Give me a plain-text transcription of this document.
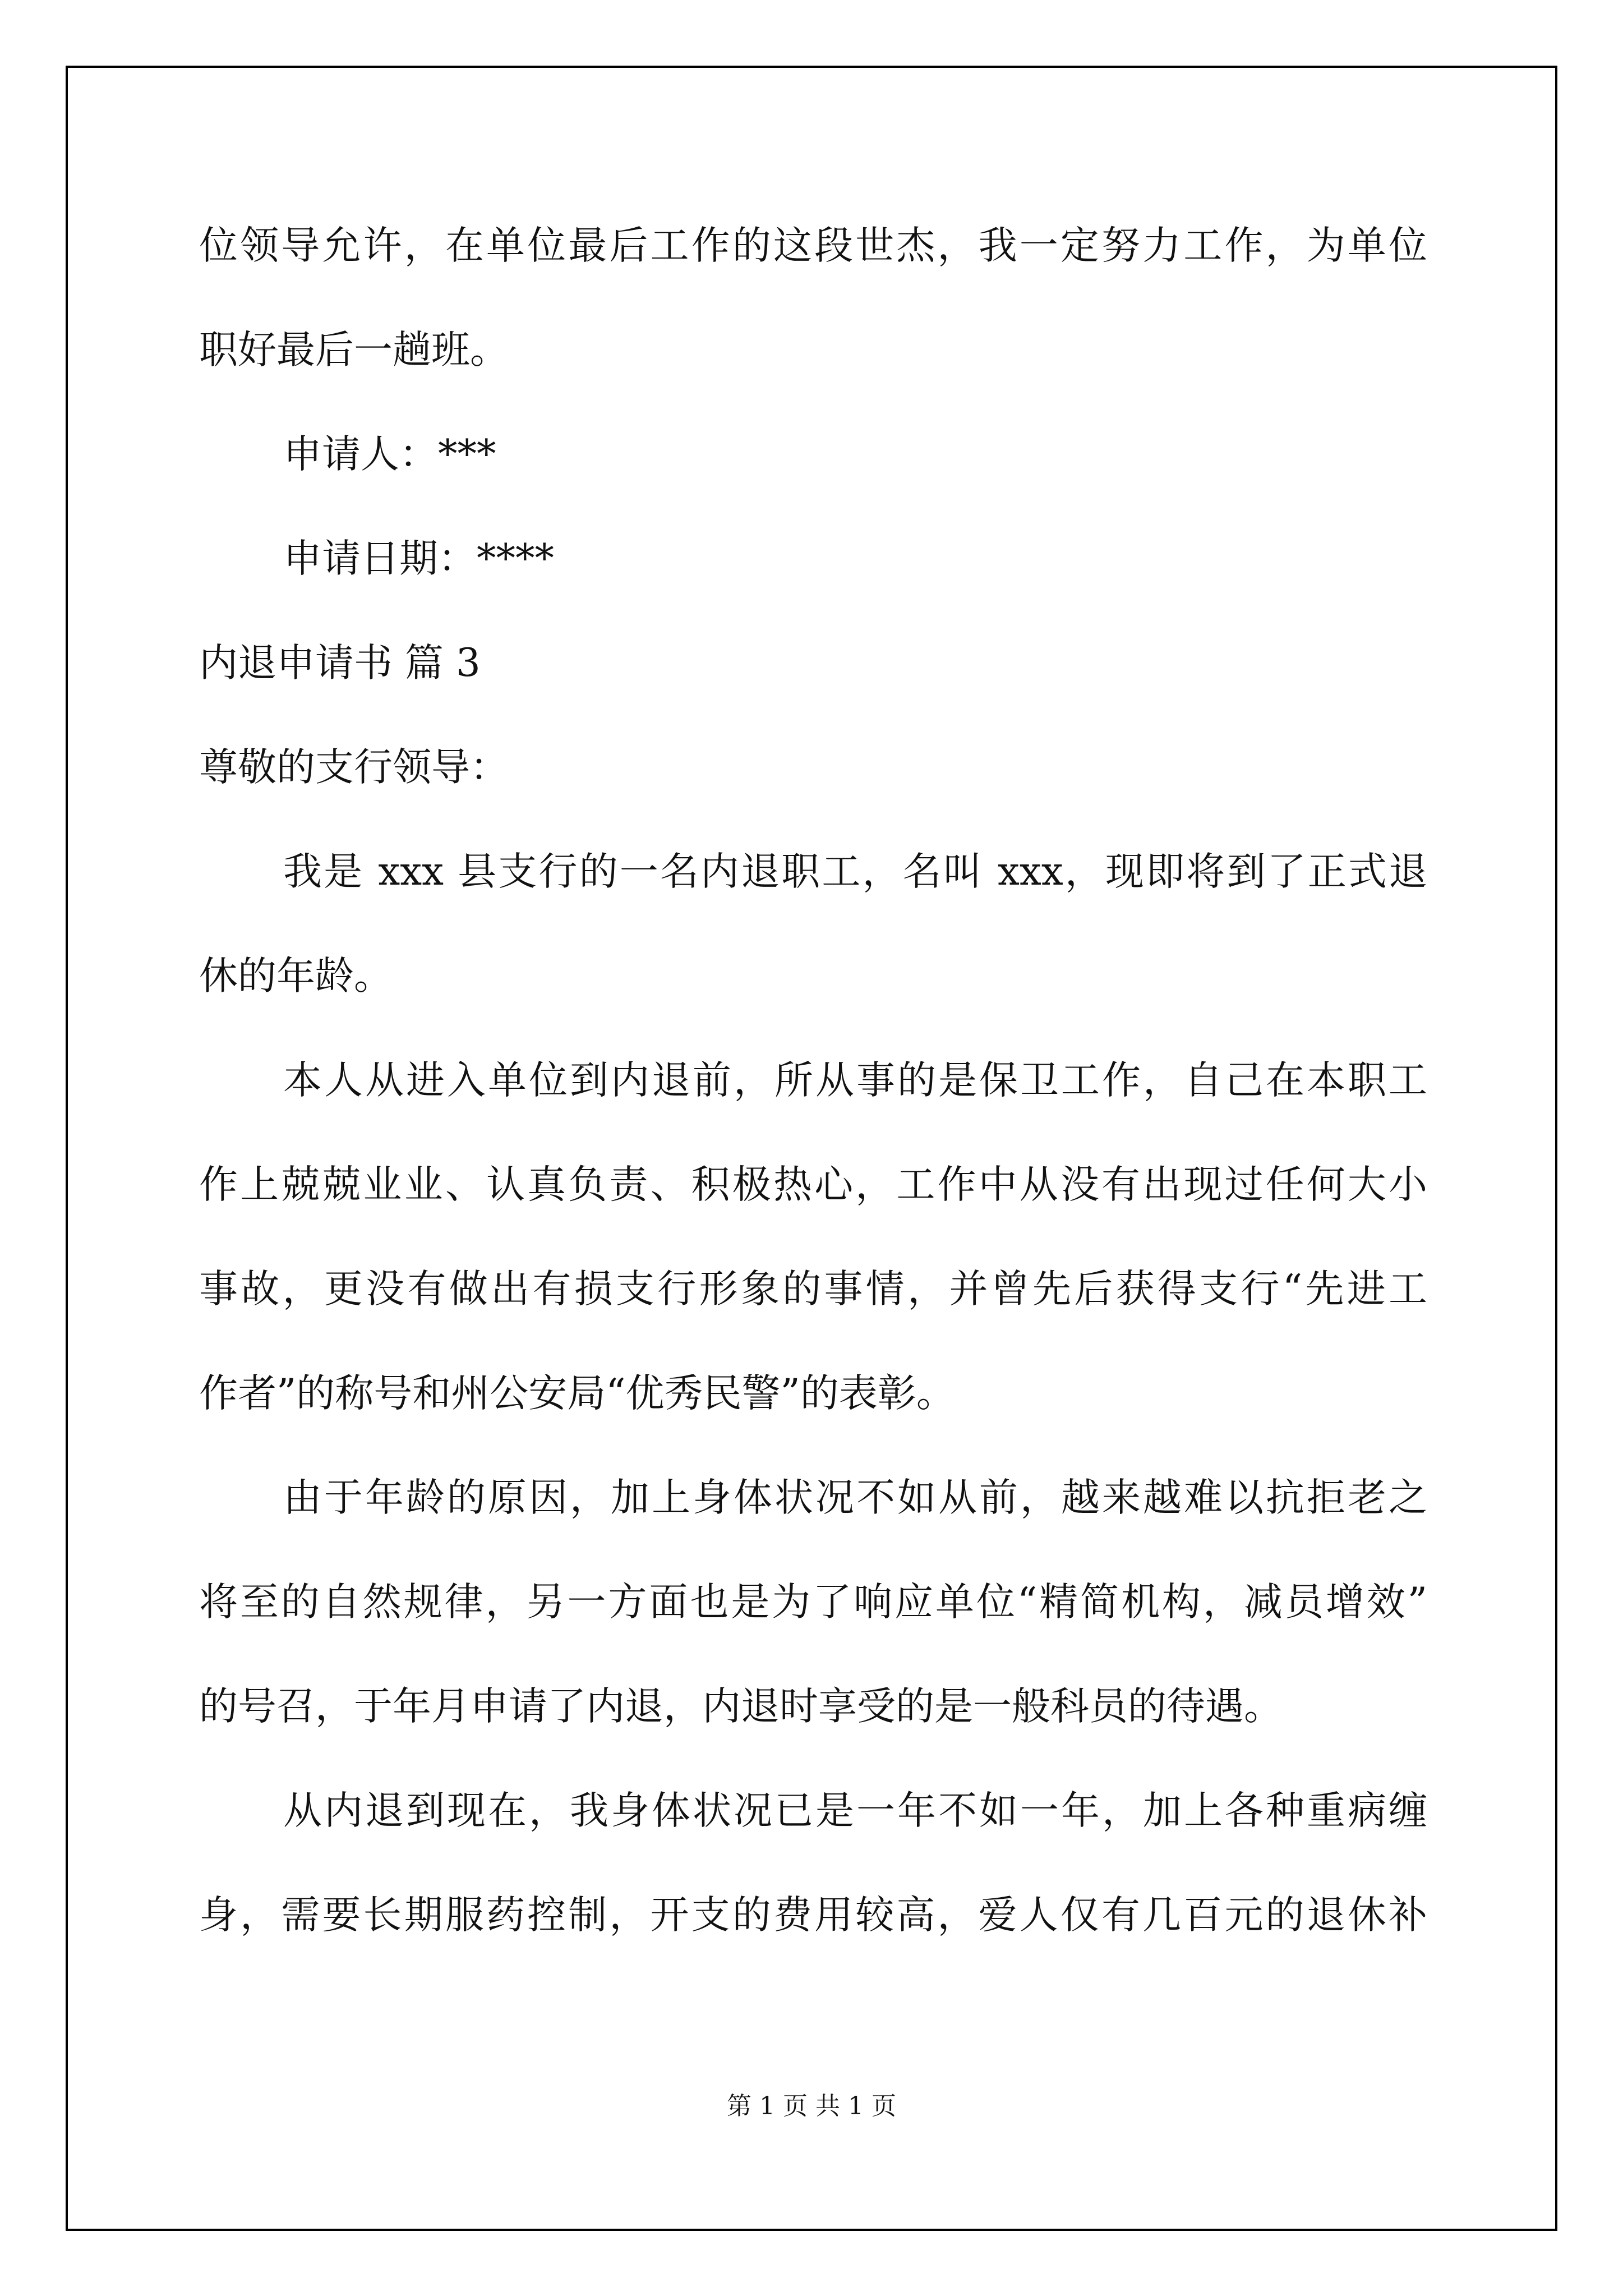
位领导允许，在单位最后工作的这段世杰，我一定努力工作，为单位
职好最后一趟班。
申请人：***
申请日期：****
内退申请书 篇 3
尊敬的支行领导：
我是 xxx 县支行的一名内退职工，名叫 xxx，现即将到了正式退
休的年龄。
本人从进入单位到内退前，所从事的是保卫工作，自己在本职工
作上兢兢业业、认真负责、积极热心，工作中从没有出现过任何大小
事故，更没有做出有损支行形象的事情，并曾先后获得支行“先进工
作者”的称号和州公安局“优秀民警”的表彰。
由于年龄的原因，加上身体状况不如从前，越来越难以抗拒老之
将至的自然规律，另一方面也是为了响应单位“精简机构，减员增效”
的号召，于年月申请了内退，内退时享受的是一般科员的待遇。
从内退到现在，我身体状况已是一年不如一年，加上各种重病缠
身，需要长期服药控制，开支的费用较高，爱人仅有几百元的退休补
第 1 页 共 1 页
